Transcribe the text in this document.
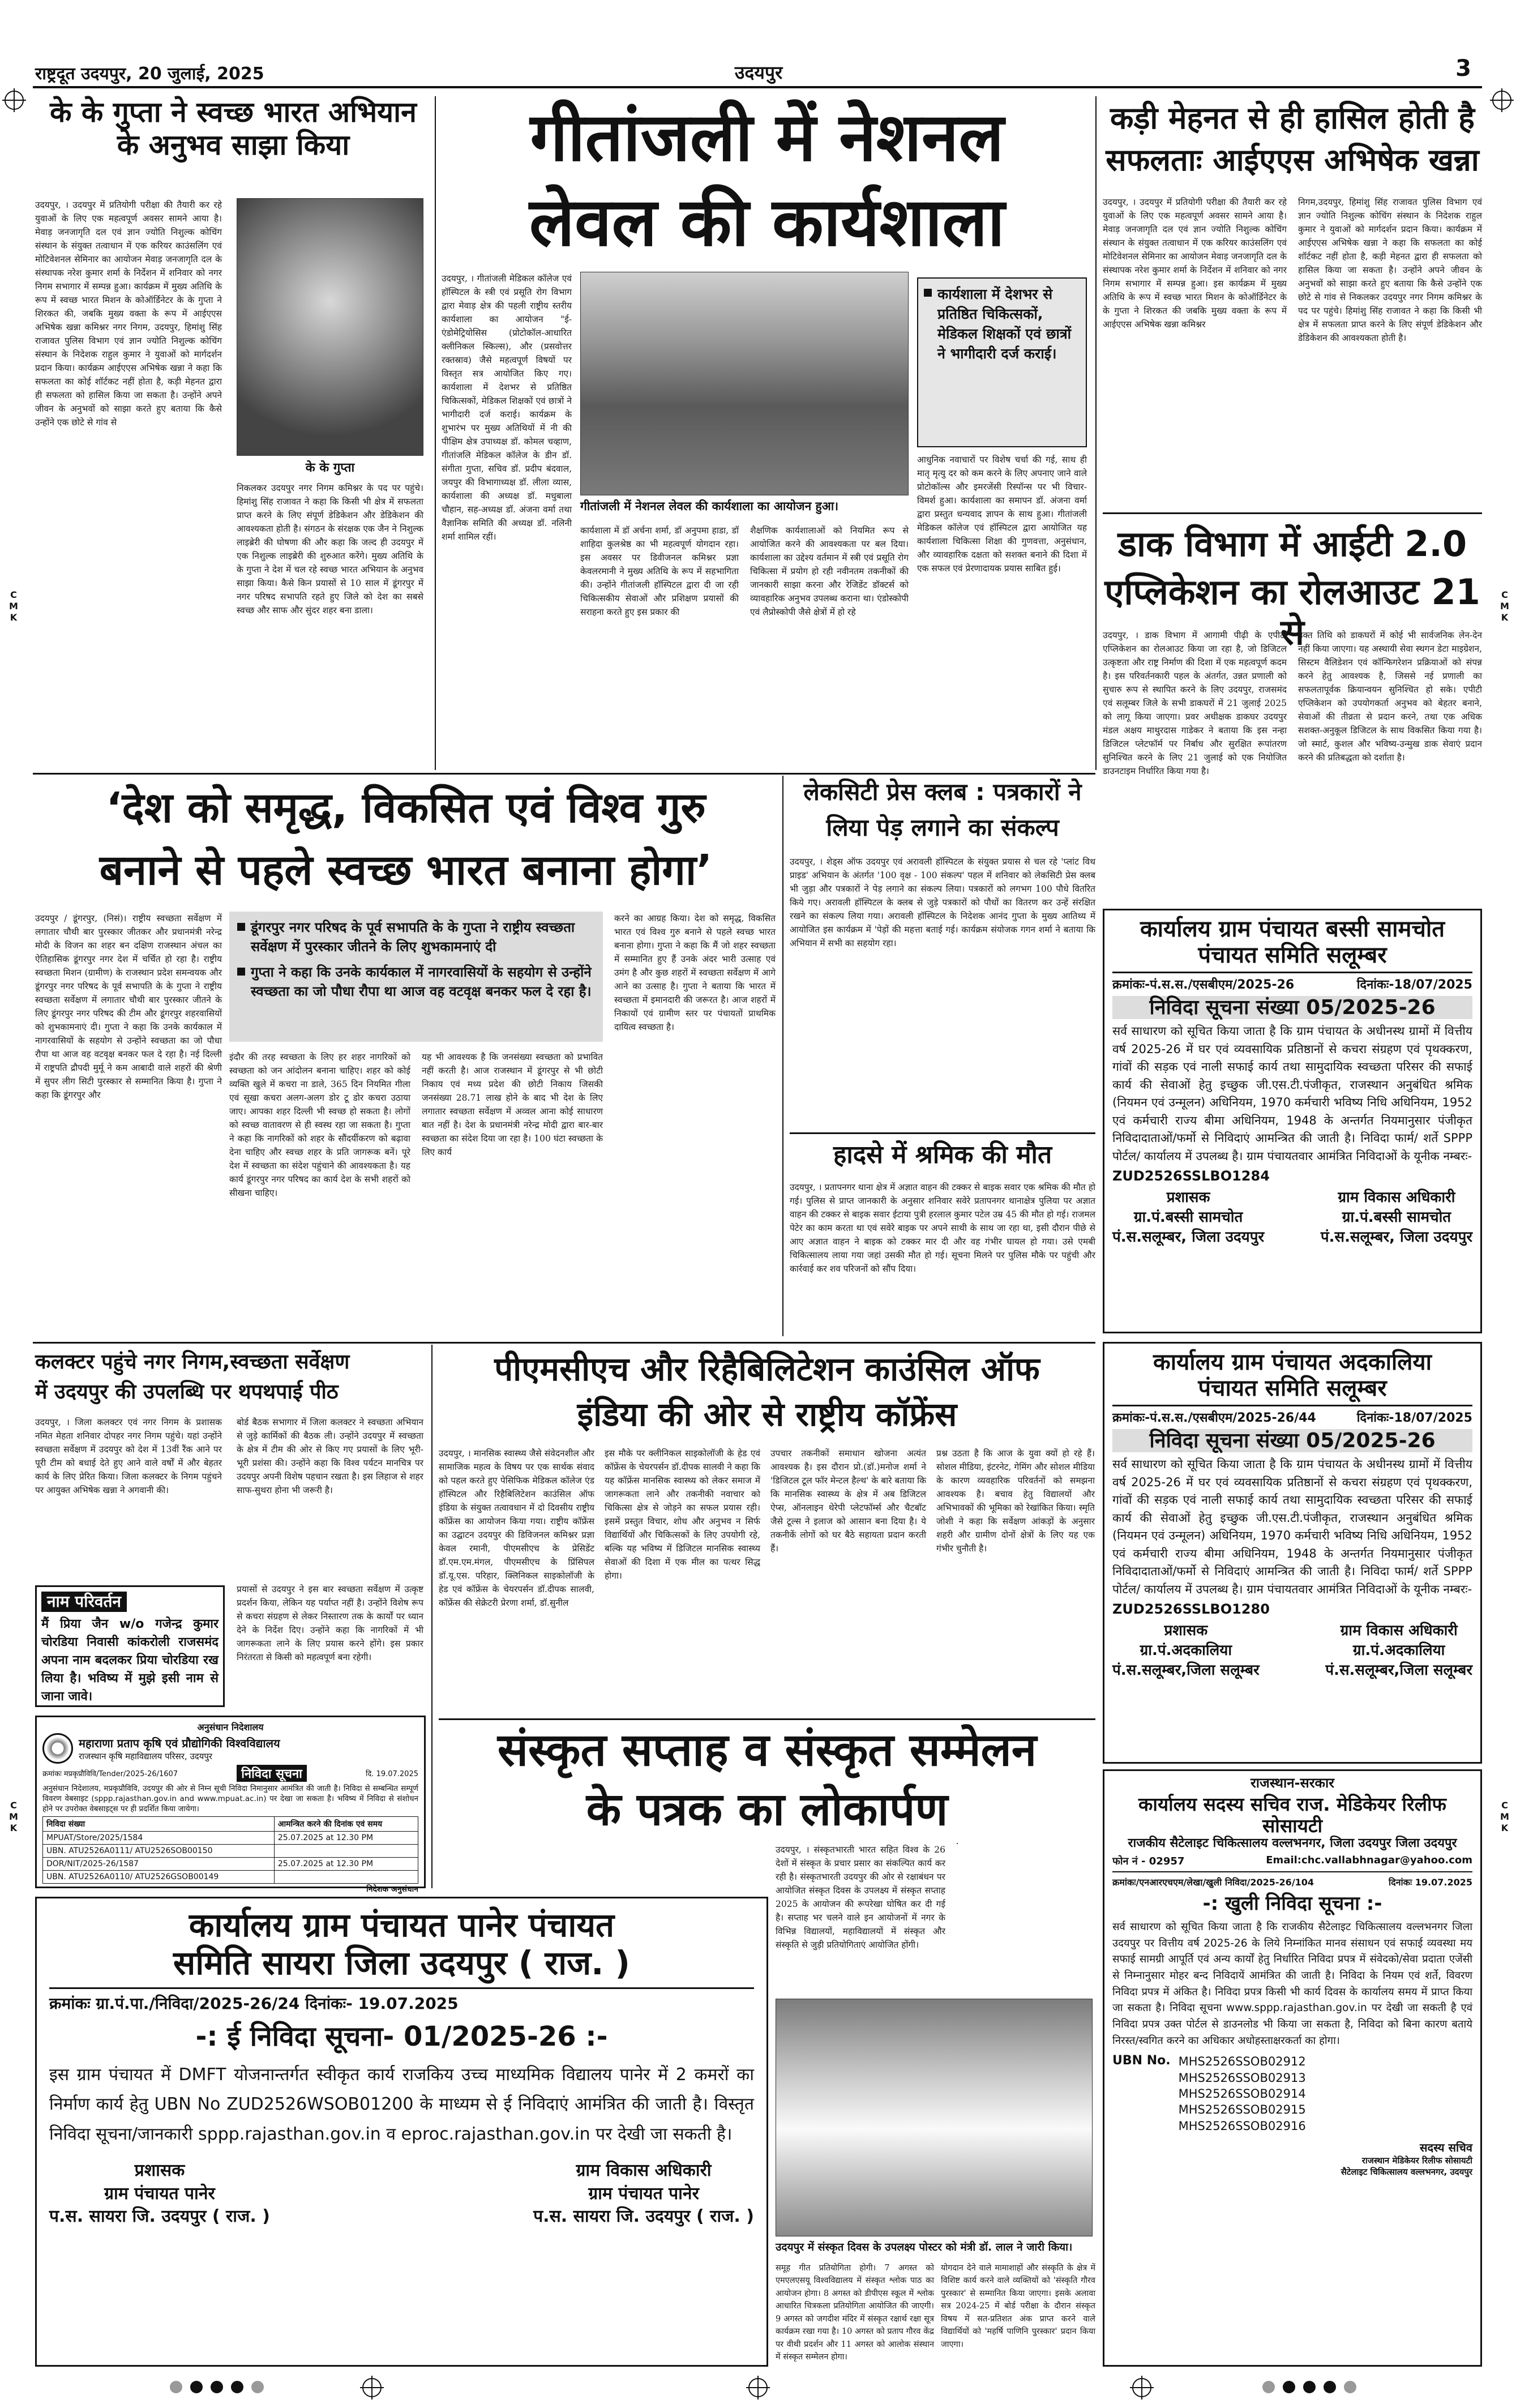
राष्ट्रदूत उदयपुर, 20 जुलाई, 2025	उदयपुर	3
C
M
K
C
M
K
C
M
K
C
M
K
के के गुप्ता ने स्वच्छ भारत अभियान के अनुभव साझा किया
उदयपुर, । उदयपुर में प्रतियोगी परीक्षा की तैयारी कर रहे युवाओं के लिए एक महत्वपूर्ण अवसर सामने आया है। मेवाड़ जनजागृति दल एवं ज्ञान ज्योति निशुल्क कोचिंग संस्थान के संयुक्त तत्वाधान में एक करियर काउंसलिंग एवं मोटिवेशनल सेमिनार का आयोजन मेवाड़ जनजागृति दल के संस्थापक नरेश कुमार शर्मा के निर्देशन में शनिवार को नगर निगम सभागार में सम्पन्न हुआ। कार्यक्रम में मुख्य अतिथि के रूप में स्वच्छ भारत मिशन के कोऑर्डिनेटर के के गुप्ता ने शिरकत की, जबकि मुख्य वक्ता के रूप में आईएएस अभिषेक खन्ना कमिश्नर नगर निगम, उदयपुर, हिमांशु सिंह राजावत पुलिस विभाग एवं ज्ञान ज्योति निशुल्क कोचिंग संस्थान के निदेशक राहुल कुमार ने युवाओं को मार्गदर्शन प्रदान किया। कार्यक्रम आईएएस अभिषेक खन्ना ने कहा कि सफलता का कोई शॉर्टकट नहीं होता है, कड़ी मेहनत द्वारा ही सफलता को हासिल किया जा सकता है। उन्होंने अपने जीवन के अनुभवों को साझा करते हुए बताया कि कैसे उन्होंने एक छोटे से गांव से
के के गुप्ता
निकलकर उदयपुर नगर निगम कमिश्नर के पद पर पहुंचे। हिमांशु सिंह राजावत ने कहा कि किसी भी क्षेत्र में सफलता प्राप्त करने के लिए संपूर्ण डेडिकेशन और डेडिकेशन की आवश्यकता होती है। संगठन के संरक्षक एक जैन ने निशुल्क लाइब्रेरी की घोषणा की और कहा कि जल्द ही उदयपुर में एक निशुल्क लाइब्रेरी की शुरुआत करेंगे। मुख्य अतिथि के के गुप्ता ने देश में चल रहे स्वच्छ भारत अभियान के अनुभव साझा किया। कैसे किन प्रयासों से 10 साल में डूंगरपुर में नगर परिषद सभापति रहते हुए जिले को देश का सबसे स्वच्छ और साफ और सुंदर शहर बना डाला।
गीतांजली में नेशनल
लेवल की कार्यशाला
उदयपुर, । गीतांजली मेडिकल कॉलेज एवं हॉस्पिटल के स्त्री एवं प्रसूति रोग विभाग द्वारा मेवाड़ क्षेत्र की पहली राष्ट्रीय स्तरीय कार्यशाला का आयोजन "ई-एंडोमेट्रियोसिस (प्रोटोकॉल-आधारित क्लीनिकल स्किल्स), और (प्रसवोत्तर रक्तस्राव) जैसे महत्वपूर्ण विषयों पर विस्तृत सत्र आयोजित किए गए। कार्यशाला में देशभर से प्रतिष्ठित चिकित्सकों, मेडिकल शिक्षकों एवं छात्रों ने भागीदारी दर्ज कराई। कार्यक्रम के शुभारंभ पर मुख्य अतिथियों में नी की पीक्षिम क्षेत्र उपाध्यक्ष डॉ. कोमल चव्हाण, गीतांजलि मेडिकल कॉलेज के डीन डॉ. संगीता गुप्ता, सचिव डॉ. प्रदीप बंदवाल, जयपुर की विभागाध्यक्ष डॉ. लीला व्यास, कार्यशाला की अध्यक्ष डॉ. मधुबाला चौहान, सह-अध्यक्ष डॉ. अंजना वर्मा तथा वैज्ञानिक समिति की अध्यक्ष डॉ. नलिनी शर्मा शामिल रहीं।
गीतांजली में नेशनल लेवल की कार्यशाला का आयोजन हुआ।
कार्यशाला में देशभर से प्रतिष्ठित चिकित्सकों, मेडिकल शिक्षकों एवं छात्रों ने भागीदारी दर्ज कराई।
कार्यशाला में डॉ अर्चना शर्मा, डॉ अनुपमा हाडा, डॉ शाहिदा कुलश्रेष्ठ का भी महत्वपूर्ण योगदान रहा। इस अवसर पर डिवीजनल कमिश्नर प्रज्ञा केवलरमानी ने मुख्य अतिथि के रूप में सहभागिता की। उन्होंने गीतांजली हॉस्पिटल द्वारा दी जा रही चिकित्सकीय सेवाओं और प्रशिक्षण प्रयासों की सराहना करते हुए इस प्रकार की
शैक्षणिक कार्यशालाओं को नियमित रूप से आयोजित करने की आवश्यकता पर बल दिया। कार्यशाला का उद्देश्य वर्तमान में स्त्री एवं प्रसूति रोग चिकित्सा में प्रयोग हो रही नवीनतम तकनीकों की जानकारी साझा करना और रेजिडेंट डॉक्टर्स को व्यावहारिक अनुभव उपलब्ध कराना था। एंडोस्कोपी एवं लैप्रोस्कोपी जैसे क्षेत्रों में हो रहे
आधुनिक नवाचारों पर विशेष चर्चा की गई, साथ ही मातृ मृत्यु दर को कम करने के लिए अपनाए जाने वाले प्रोटोकॉल्स और इमरजेंसी रिस्पॉन्स पर भी विचार-विमर्श हुआ। कार्यशाला का समापन डॉ. अंजना वर्मा द्वारा प्रस्तुत धन्यवाद ज्ञापन के साथ हुआ। गीतांजली मेडिकल कॉलेज एवं हॉस्पिटल द्वारा आयोजित यह कार्यशाला चिकित्सा शिक्षा की गुणवत्ता, अनुसंधान, और व्यावहारिक दक्षता को सशक्त बनाने की दिशा में एक सफल एवं प्रेरणादायक प्रयास साबित हुई।
कड़ी मेहनत से ही हासिल होती है
सफलताः आईएएस अभिषेक खन्ना
उदयपुर, । उदयपुर में प्रतियोगी परीक्षा की तैयारी कर रहे युवाओं के लिए एक महत्वपूर्ण अवसर सामने आया है। मेवाड़ जनजागृति दल एवं ज्ञान ज्योति निशुल्क कोचिंग संस्थान के संयुक्त तत्वाधान में एक करियर काउंसलिंग एवं मोटिवेशनल सेमिनार का आयोजन मेवाड़ जनजागृति दल के संस्थापक नरेश कुमार शर्मा के निर्देशन में शनिवार को नगर निगम सभागार में सम्पन्न हुआ। इस कार्यक्रम में मुख्य अतिथि के रूप में स्वच्छ भारत मिशन के कोऑर्डिनेटर के के गुप्ता ने शिरकत की जबकि मुख्य वक्ता के रूप में आईएएस अभिषेक खन्ना कमिश्नर
निगम,उदयपुर, हिमांशु सिंह राजावत पुलिस विभाग एवं ज्ञान ज्योति निशुल्क कोचिंग संस्थान के निदेशक राहुल कुमार ने युवाओं को मार्गदर्शन प्रदान किया। कार्यक्रम में आईएएस अभिषेक खन्ना ने कहा कि सफलता का कोई शॉर्टकट नहीं होता है, कड़ी मेहनत द्वारा ही सफलता को हासिल किया जा सकता है। उन्होंने अपने जीवन के अनुभवों को साझा करते हुए बताया कि कैसे उन्होंने एक छोटे से गांव से निकलकर उदयपुर नगर निगम कमिश्नर के पद पर पहुंचे। हिमांशु सिंह राजावत ने कहा कि किसी भी क्षेत्र में सफलता प्राप्त करने के लिए संपूर्ण डेडिकेशन और डेडिकेशन की आवश्यकता होती है।
डाक विभाग में आईटी 2.0
एप्लिकेशन का रोलआउट 21 से
उदयपुर, । डाक विभाग में आगामी पीढ़ी के एपीटी एप्लिकेशन का रोलआउट किया जा रहा है, जो डिजिटल उत्कृष्टता और राष्ट्र निर्माण की दिशा में एक महत्वपूर्ण कदम है। इस परिवर्तनकारी पहल के अंतर्गत, उन्नत प्रणाली को सुचारु रूप से स्थापित करने के लिए उदयपुर, राजसमंद एवं सलूम्बर जिले के सभी डाकघरों में 21 जुलाई 2025 को लागू किया जाएगा। प्रवर अधीक्षक डाकघर उदयपुर मंडल अक्षय माथुरदास गाडेकर ने बताया कि इस नन्हा डिजिटल प्लेटफॉर्म पर निर्बाध और सुरक्षित रूपांतरण सुनिश्चित करने के लिए 21 जुलाई को एक नियोजित डाउनटाइम निर्धारित किया गया है।
उक्त तिथि को डाकघरों में कोई भी सार्वजनिक लेन-देन नहीं किया जाएगा। यह अस्थायी सेवा स्थगन डेटा माइग्रेशन, सिस्टम वैलिडेशन एवं कॉन्फिगरेशन प्रक्रियाओं को संपन्न करने हेतु आवश्यक है, जिससे नई प्रणाली का सफलतापूर्वक क्रियान्वयन सुनिश्चित हो सके। एपीटी एप्लिकेशन को उपयोगकर्ता अनुभव को बेहतर बनाने, सेवाओं की तीव्रता से प्रदान करने, तथा एक अधिक सशक्त-अनुकूल डिजिटल के साथ विकसित किया गया है। जो स्मार्ट, कुशल और भविष्य-उन्मुख डाक सेवाएं प्रदान करने की प्रतिबद्धता को दर्शाता है।
‘देश को समृद्ध, विकसित एवं विश्व गुरु
बनाने से पहले स्वच्छ भारत बनाना होगा’
उदयपुर / डूंगरपुर, (निसं)। राष्ट्रीय स्वच्छता सर्वेक्षण में लगातार चौथी बार पुरस्कार जीतकर और प्रधानमंत्री नरेन्द्र मोदी के विजन का शहर बन दक्षिण राजस्थान अंचल का ऐतिहासिक डूंगरपुर नगर देश में चर्चित हो रहा है। राष्ट्रीय स्वच्छता मिशन (ग्रामीण) के राजस्थान प्रदेश समन्वयक और डूंगरपुर नगर परिषद के पूर्व सभापति के के गुप्ता ने राष्ट्रीय स्वच्छता सर्वेक्षण में लगातार चौथी बार पुरस्कार जीतने के लिए डूंगरपुर नगर परिषद की टीम और डूंगरपुर शहरवासियों को शुभकामनाएं दी। गुप्ता ने कहा कि उनके कार्यकाल में नागरवासियों के सहयोग से उन्होंने स्वच्छता का जो पौधा रौपा था आज वह वटवृक्ष बनकर फल दे रहा है। नई दिल्ली में राष्ट्रपति द्रौपदी मुर्मू ने कम आबादी वाले शहरों की श्रेणी में सुपर लीग सिटी पुरस्कार से सम्मानित किया है। गुप्ता ने कहा कि डूंगरपुर और
डूंगरपुर नगर परिषद के पूर्व सभापति के के गुप्ता ने राष्ट्रीय स्वच्छता सर्वेक्षण में पुरस्कार जीतने के लिए शुभकामनाएं दी
गुप्ता ने कहा कि उनके कार्यकाल में नागरवासियों के सहयोग से उन्होंने स्वच्छता का जो पौधा रौपा था आज वह वटवृक्ष बनकर फल दे रहा है।
इंदौर की तरह स्वच्छता के लिए हर शहर नागरिकों को स्वच्छता को जन आंदोलन बनाना चाहिए। शहर को कोई व्यक्ति खुले में कचरा ना डाले, 365 दिन नियमित गीला एवं सूखा कचरा अलग-अलग डोर टू डोर कचरा उठाया जाए। आपका शहर दिल्ली भी स्वच्छ हो सकता है। लोगों को स्वच्छ वातावरण से ही स्वस्थ रहा जा सकता है। गुप्ता ने कहा कि नागरिकों को शहर के सौंदर्यीकरण को बढ़ावा देना चाहिए और स्वच्छ शहर के प्रति जागरूक बनें। पूरे देश में स्वच्छता का संदेश पहुंचाने की आवश्यकता है। यह कार्य डूंगरपुर नगर परिषद का कार्य देश के सभी शहरों को सीखना चाहिए।
यह भी आवश्यक है कि जनसंख्या स्वच्छता को प्रभावित नहीं करती है। आज राजस्थान में डूंगरपुर से भी छोटी निकाय एवं मध्य प्रदेश की छोटी निकाय जिसकी जनसंख्या 28.71 लाख होने के बाद भी देश के लिए लगातार स्वच्छता सर्वेक्षण में अव्वल आना कोई साधारण बात नहीं है। देश के प्रधानमंत्री नरेन्द्र मोदी द्वारा बार-बार स्वच्छता का संदेश दिया जा रहा है। 100 घंटा स्वच्छता के लिए कार्य
करने का आग्रह किया। देश को समृद्ध, विकसित भारत एवं विश्व गुरु बनाने से पहले स्वच्छ भारत बनाना होगा। गुप्ता ने कहा कि मैं जो शहर स्वच्छता में सम्मानित हुए हैं उनके अंदर भारी उत्साह एवं उमंग है और कुछ शहरों में स्वच्छता सर्वेक्षण में आगे आने का उत्साह है। गुप्ता ने बताया कि भारत में स्वच्छता में इमानदारी की जरूरत है। आज शहरों में निकायों एवं ग्रामीण स्तर पर पंचायतों प्राथमिक दायित्व स्वच्छता है।
लेकसिटी प्रेस क्लब : पत्रकारों ने
लिया पेड़ लगाने का संकल्प
उदयपुर, । शेड्स ऑफ उदयपुर एवं अरावली हॉस्पिटल के संयुक्त प्रयास से चल रहे 'प्लांट विथ प्राइड' अभियान के अंतर्गत '100 वृक्ष - 100 संकल्प' पहल में शनिवार को लेकसिटी प्रेस क्लब भी जुड़ा और पत्रकारों ने पेड़ लगाने का संकल्प लिया। पत्रकारों को लगभग 100 पौधे वितरित किये गए। अरावली हॉस्पिटल के क्लब से जुड़े पत्रकारों को पौधों का वितरण कर उन्हें संरक्षित रखने का संकल्प लिया गया। अरावली हॉस्पिटल के निदेशक आनंद गुप्ता के मुख्य आतिथ्य में आयोजित इस कार्यक्रम में 'पेड़ों की महत्ता बताई गई। कार्यक्रम संयोजक गगन शर्मा ने बताया कि अभियान में सभी का सहयोग रहा।
हादसे में श्रमिक की मौत
उदयपुर, । प्रतापनगर थाना क्षेत्र में अज्ञात वाहन की टक्कर से बाइक सवार एक श्रमिक की मौत हो गई। पुलिस से प्राप्त जानकारी के अनुसार शनिवार सवेरे प्रतापनगर थानाक्षेत्र पुलिया पर अज्ञात वाहन की टक्कर से बाइक सवार ईटाया पुत्री हरलाल कुमार पटेल उम्र 45 की मौत हो गई। राजमल पेटेर का काम करता था एवं सवेरे बाइक पर अपने साथी के साथ जा रहा था, इसी दौरान पीछे से आए अज्ञात वाहन ने बाइक को टक्कर मार दी और वह गंभीर घायल हो गया। उसे एमबी चिकित्सालय लाया गया जहां उसकी मौत हो गई। सूचना मिलने पर पुलिस मौके पर पहुंची और कार्रवाई कर शव परिजनों को सौंप दिया।
कार्यालय ग्राम पंचायत बस्सी सामचोत
पंचायत समिति सलूम्बर
क्रमांकः-पं.स.स./एसबीएम/2025-26	दिनांकः-18/07/2025
निविदा सूचना संख्या 05/2025-26
सर्व साधारण को सूचित किया जाता है कि ग्राम पंचायत के अधीनस्थ ग्रामों में वित्तीय वर्ष 2025-26 में घर एवं व्यवसायिक प्रतिष्ठानों से कचरा संग्रहण एवं पृथक्करण, गांवों की सड़क एवं नाली सफाई कार्य तथा सामुदायिक स्वच्छता परिसर की सफाई कार्य की सेवाओं हेतु इच्छुक जी.एस.टी.पंजीकृत, राजस्थान अनुबंधित श्रमिक (नियमन एवं उन्मूलन) अधिनियम, 1970 कर्मचारी भविष्य निधि अधिनियम, 1952 एवं कर्मचारी राज्य बीमा अधिनियम, 1948 के अन्तर्गत नियमानुसार पंजीकृत निविदादाताओं/फर्मो से निविदाएं आमन्त्रित की जाती है। निविदा फार्म/ शर्ते SPPP पोर्टल/ कार्यालय में उपलब्ध है। ग्राम पंचायतवार आमंत्रित निविदाओं के यूनीक नम्बरः-
ZUD2526SSLBO1284
प्रशासक
ग्रा.पं.बस्सी सामचोत
पं.स.सलूम्बर, जिला उदयपुर
ग्राम विकास अधिकारी
ग्रा.पं.बस्सी सामचोत
पं.स.सलूम्बर, जिला उदयपुर
कलक्टर पहुंचे नगर निगम,स्वच्छता सर्वेक्षण
में उदयपुर की उपलब्धि पर थपथपाई पीठ
उदयपुर, । जिला कलक्टर एवं नगर निगम के प्रशासक नमित मेहता शनिवार दोपहर नगर निगम पहुंचे। यहां उन्होंने स्वच्छता सर्वेक्षण में उदयपुर को देश में 13वीं रैंक आने पर पूरी टीम को बधाई देते हुए आने वाले वर्षों में और बेहतर कार्य के लिए प्रेरित किया। जिला कलक्टर के निगम पहुंचने पर आयुक्त अभिषेक खन्ना ने अगवानी की।
बोर्ड बैठक सभागार में जिला कलक्टर ने स्वच्छता अभियान से जुड़े कार्मिकों की बैठक ली। उन्होंने उदयपुर में स्वच्छता के क्षेत्र में टीम की ओर से किए गए प्रयासों के लिए भूरी-भूरी प्रशंसा की। उन्होंने कहा कि विश्व पर्यटन मानचित्र पर उदयपुर अपनी विशेष पहचान रखता है। इस लिहाज से शहर साफ-सुथरा होना भी जरूरी है।
प्रयासों से उदयपुर ने इस बार स्वच्छता सर्वेक्षण में उत्कृष्ट प्रदर्शन किया, लेकिन यह पर्याप्त नहीं है। उन्होंने विशेष रूप से कचरा संग्रहण से लेकर निस्तारण तक के कार्यों पर ध्यान देने के निर्देश दिए। उन्होंने कहा कि नागरिकों में भी जागरूकता लाने के लिए प्रयास करने होंगे। इस प्रकार निरंतरता से किसी को महत्वपूर्ण बना रहेगी।
नाम परिवर्तन
मैं प्रिया जैन w/o गजेन्द्र कुमार चोरडिया निवासी कांकरोली राजसमंद अपना नाम बदलकर प्रिया चोरडिया रख लिया है। भविष्य में मुझे इसी नाम से जाना जावे।
अनुसंधान निदेशालय
महाराणा प्रताप कृषि एवं प्रौद्योगिकी विश्वविद्यालय
राजस्थान कृषि महाविद्यालय परिसर, उदयपुर
क्रमांकः मप्रकृप्रौविवि/Tender/2025-26/1607	निविदा सूचना	दि. 19.07.2025
अनुसंधान निदेशालय, मप्रकृप्रौविवि, उदयपुर की ओर से निम्न सूची निविदा निमानुसार आमंत्रित की जाती है। निविदा से सम्बन्धित सम्पूर्ण विवरण वेबसाइट (sppp.rajasthan.gov.in and www.mpuat.ac.in) पर देखा जा सकता है। भविष्य में निविदा से संशोधन होने पर उपरोक्त वेबसाइट्स पर ही प्रदर्शित किया जायेगा।
निविदा संख्या	आमन्त्रित करने की दिनांक एवं समय
MPUAT/Store/2025/1584	25.07.2025 at 12.30 PM
UBN. ATU2526A0111/ ATU2526SOB00150	
DOR/NIT/2025-26/1587	25.07.2025 at 12.30 PM
UBN. ATU2526A0110/ ATU2526GSOB00149	
निदेशक अनुसंधान
पीएमसीएच और रिहैबिलिटेशन काउंसिल ऑफ
इंडिया की ओर से राष्ट्रीय कॉफ्रेंस
उदयपुर, । मानसिक स्वास्थ्य जैसे संवेदनशील और सामाजिक महत्व के विषय पर एक सार्थक संवाद को पहल करते हुए पेसिफिक मेडिकल कॉलेज एंड हॉस्पिटल और रिहैबिलिटेशन काउंसिल ऑफ इंडिया के संयुक्त तत्वावधान में दो दिवसीय राष्ट्रीय कॉफ्रेंस का आयोजन किया गया। राष्ट्रीय कॉफ्रेंस का उद्घाटन उदयपुर की डिविजनल कमिश्नर प्रज्ञा केवल रमानी, पीएमसीएच के प्रेसिडेंट डॉ.एम.एम.मंगल, पीएमसीएच के प्रिंसिपल डॉ.यू.एस. परिहार, क्लिनिकल साइकोलॉजी के हेड एवं कॉफ्रेंस के चेयरपर्सन डॉ.दीपक सालवी, कॉफ्रेंस की सेक्रेटरी प्रेरणा शर्मा, डॉ.सुनील
इस मौके पर क्लीनिकल साइकोलॉजी के हेड एवं कॉफ्रेंस के चेयरपर्सन डॉ.दीपक सालवी ने कहा कि यह कॉफ्रेंस मानसिक स्वास्थ्य को लेकर समाज में जागरूकता लाने और तकनीकी नवाचार को चिकित्सा क्षेत्र से जोड़ने का सफल प्रयास रही। इसमें प्रस्तुत विचार, शोध और अनुभव न सिर्फ विद्यार्थियों और चिकित्सकों के लिए उपयोगी रहे, बल्कि यह भविष्य में डिजिटल मानसिक स्वास्थ्य सेवाओं की दिशा में एक मील का पत्थर सिद्ध होगा।
उपचार तकनीकों समाधान खोजना अत्यंत आवश्यक है। इस दौरान प्रो.(डॉ.)मनोज शर्मा ने 'डिजिटल टूल फॉर मेन्टल हैल्थ' के बारे बताया कि कि मानसिक स्वास्थ्य के क्षेत्र में अब डिजिटल ऐप्स, ऑनलाइन थेरेपी प्लेटफॉर्म्स और चैटबॉट जैसे टूल्स ने इलाज को आसान बना दिया है। ये तकनीकें लोगों को घर बैठे सहायता प्रदान करती हैं।
प्रश्न उठता है कि आज के युवा क्यों हो रहे हैं। सोशल मीडिया, इंटरनेट, गेमिंग और सोशल मीडिया के कारण व्यवहारिक परिवर्तनों को समझना आवश्यक है। बचाव हेतु विद्यालयों और अभिभावकों की भूमिका को रेखांकित किया। स्मृति जोशी ने कहा कि सर्वेक्षण आंकड़ों के अनुसार शहरी और ग्रामीण दोनों क्षेत्रों के लिए यह एक गंभीर चुनौती है।
कार्यालय ग्राम पंचायत अदकालिया
पंचायत समिति सलूम्बर
क्रमांकः-पं.स.स./एसबीएम/2025-26/44	दिनांकः-18/07/2025
निविदा सूचना संख्या 05/2025-26
सर्व साधारण को सूचित किया जाता है कि ग्राम पंचायत के अधीनस्थ ग्रामों में वित्तीय वर्ष 2025-26 में घर एवं व्यवसायिक प्रतिष्ठानों से कचरा संग्रहण एवं पृथक्करण, गांवों की सड़क एवं नाली सफाई कार्य तथा सामुदायिक स्वच्छता परिसर की सफाई कार्य की सेवाओं हेतु इच्छुक जी.एस.टी.पंजीकृत, राजस्थान अनुबंधित श्रमिक (नियमन एवं उन्मूलन) अधिनियम, 1970 कर्मचारी भविष्य निधि अधिनियम, 1952 एवं कर्मचारी राज्य बीमा अधिनियम, 1948 के अन्तर्गत नियमानुसार पंजीकृत निविदादाताओं/फर्मो से निविदाएं आमन्त्रित की जाती है। निविदा फार्म/ शर्ते SPPP पोर्टल/ कार्यालय में उपलब्ध है। ग्राम पंचायतवार आमंत्रित निविदाओं के यूनीक नम्बरः-
ZUD2526SSLBO1280
प्रशासक
ग्रा.पं.अदकालिया
पं.स.सलूम्बर,जिला सलूम्बर
ग्राम विकास अधिकारी
ग्रा.पं.अदकालिया
पं.स.सलूम्बर,जिला सलूम्बर
संस्कृत सप्ताह व संस्कृत सम्मेलन
के पत्रक का लोकार्पण
उदयपुर, । संस्कृतभारती भारत सहित विश्व के 26 देशों में संस्कृत के प्रचार प्रसार का संकल्पित कार्य कर रही है। संस्कृतभारती उदयपुर की ओर से रक्षाबंधन पर आयोजित संस्कृत दिवस के उपलक्ष्य में संस्कृत सप्ताह 2025 के आयोजन की रूपरेखा घोषित कर दी गई है। सप्ताह भर चलने वाले इन आयोजनों में नगर के विभिन्न विद्यालयों, महाविद्यालयों में संस्कृत और संस्कृति से जुड़ी प्रतियोगिताएं आयोजित होंगी।
उदयपुर में संस्कृत दिवस के उपलक्ष्य पोस्टर को मंत्री डॉ. लाल ने जारी किया।
समूह गीत प्रतियोगिता होगी। 7 अगस्त को एमएलएसयू विश्वविद्यालय में संस्कृत श्लोक पाठ का आयोजन होगा। 8 अगस्त को डीपीएस स्कूल में श्लोक आधारित चित्रकला प्रतियोगिता आयोजित की जाएगी। 9 अगस्त को जगदीश मंदिर में संस्कृत रक्षार्थ रक्षा सूत्र कार्यक्रम रखा गया है। 10 अगस्त को प्रताप गौरव केंद्र पर वीथी प्रदर्शन और 11 अगस्त को आलोक संस्थान में संस्कृत सम्मेलन होगा।
योगदान देने वाले मामाशाहों और संस्कृति के क्षेत्र में विशिष्ट कार्य करने वाले व्यक्तियों को 'संस्कृति गौरव पुरस्कार' से सम्मानित किया जाएगा। इसके अलावा सत्र 2024-25 में बोर्ड परीक्षा के दौरान संस्कृत विषय में सत-प्रतिशत अंक प्राप्त करने वाले विद्यार्थियों को 'महर्षि पाणिनि पुरस्कार' प्रदान किया जाएगा।
कार्यालय ग्राम पंचायत पानेर पंचायत
समिति सायरा जिला उदयपुर ( राज. )
क्रमांकः ग्रा.पं.पा./निविदा/2025-26/24 दिनांकः- 19.07.2025
-: ई निविदा सूचना- 01/2025-26 :-
इस ग्राम पंचायत में DMFT योजनान्तर्गत स्वीकृत कार्य राजकिय उच्च माध्यमिक विद्यालय पानेर में 2 कमरों का निर्माण कार्य हेतु UBN No ZUD2526WSOB01200 के माध्यम से ई निविदाएं आमंत्रित की जाती है। विस्तृत निविदा सूचना/जानकारी sppp.rajasthan.gov.in व eproc.rajasthan.gov.in पर देखी जा सकती है।
प्रशासक
ग्राम पंचायत पानेर
प.स. सायरा जि. उदयपुर ( राज. )
ग्राम विकास अधिकारी
ग्राम पंचायत पानेर
प.स. सायरा जि. उदयपुर ( राज. )
राजस्थान-सरकार
कार्यालय सदस्य सचिव राज. मेडिकेयर रिलीफ सोसायटी
राजकीय सैटेलाइट चिकित्सालय वल्लभनगर, जिला उदयपुर जिला उदयपुर
फोन नं - 02957	Email:chc.vallabhnagar@yahoo.com
क्रमांकः/एनआरएचएम/लेखा/खुली निविदा/2025-26/104	दिनांकः 19.07.2025
-: खुली निविदा सूचना :-
सर्व साधारण को सूचित किया जाता है कि राजकीय सैटेलाइट चिकित्सालय वल्लभनगर जिला उदयपुर पर वित्तीय वर्ष 2025-26 के लिये निम्नांकित मानव संसाधन एवं सफाई व्यवस्था मय सफाई सामग्री आपूर्ति एवं अन्य कार्यों हेतु निर्धारित निविदा प्रपत्र में संवेदको/सेवा प्रदाता एजेंसी से निम्नानुसार मोहर बन्द निविदायें आमंत्रित की जाती है। निविदा के नियम एवं शर्ते, विवरण निविदा प्रपत्र में अंकित है। निविदा प्रपत्र किसी भी कार्य दिवस के कार्यालय समय में प्राप्त किया जा सकता है। निविदा सूचना www.sppp.rajasthan.gov.in पर देखी जा सकती है एवं निविदा प्रपत्र उक्त पोर्टल से डाउनलोड भी किया जा सकता है, निविदा को बिना कारण बताये निरस्त/स्वगित करने का अधिकार अधोहस्ताक्षरकर्ता का होगा।
UBN No. MHS2526SSOB02912
MHS2526SSOB02913
MHS2526SSOB02914
MHS2526SSOB02915
MHS2526SSOB02916
सदस्य सचिव
राजस्थान मेडिकेयर रिलीफ सोसायटी
सैटेलाइट चिकित्सालय वल्लभनगर, उदयपुर
